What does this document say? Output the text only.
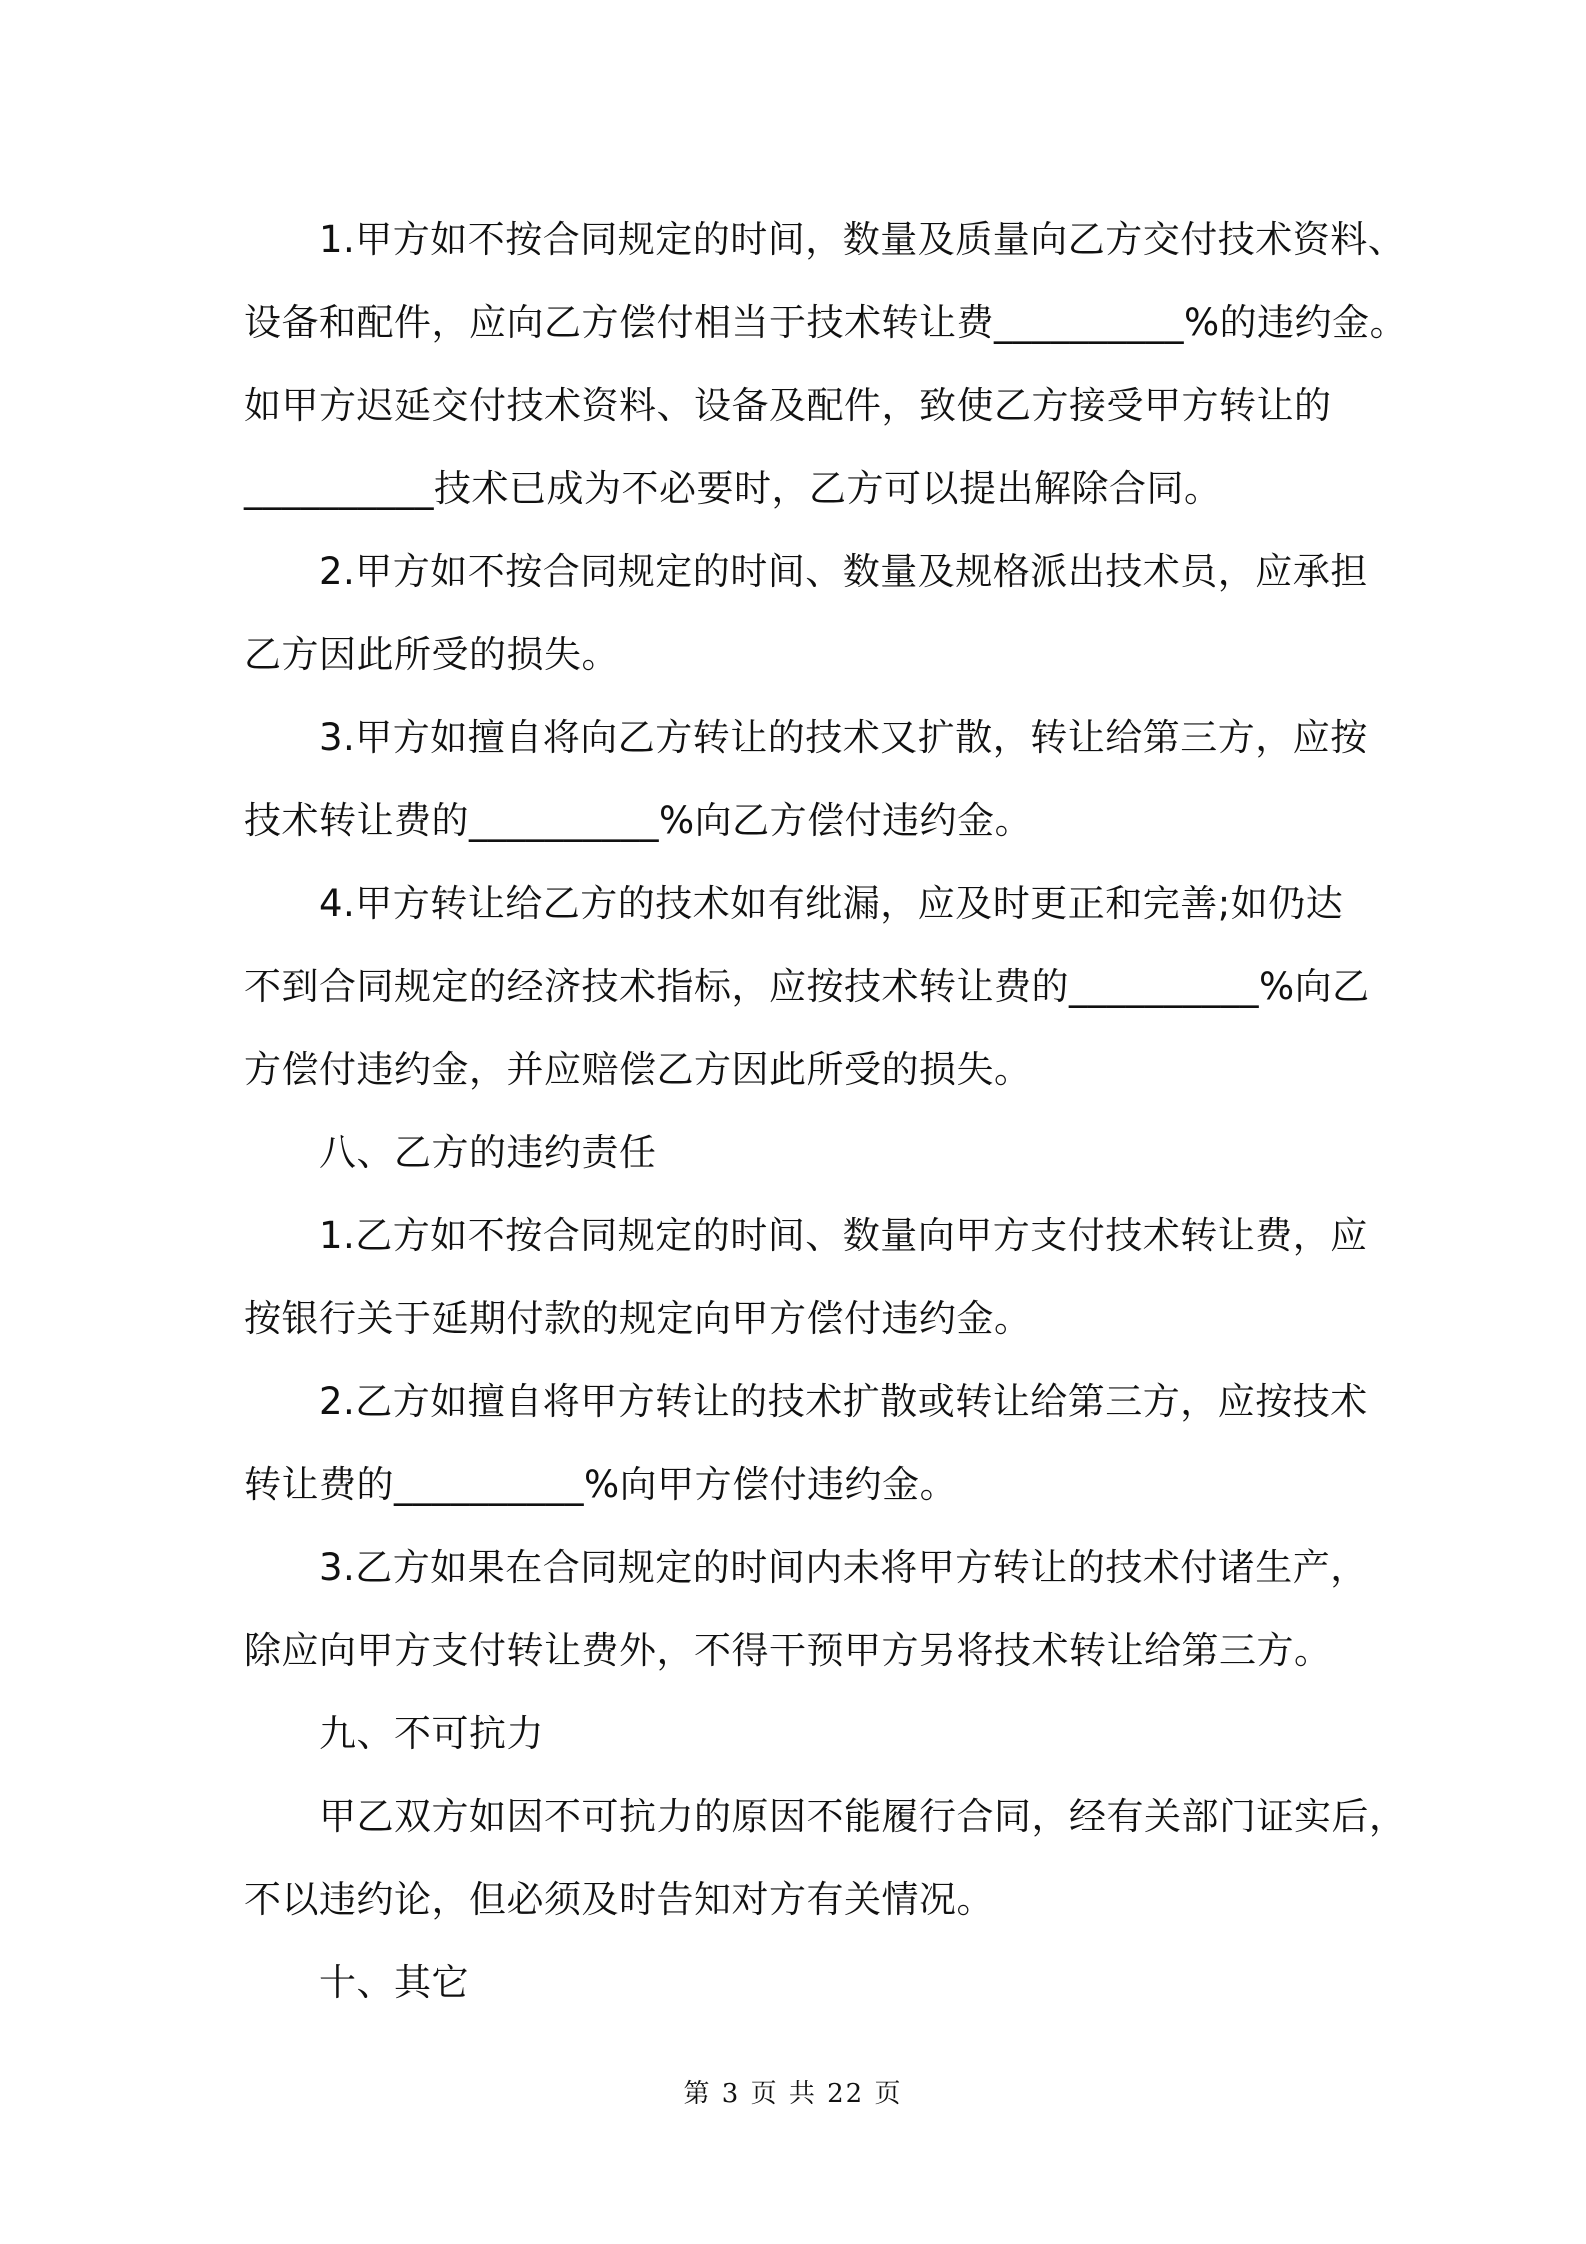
1.甲方如不按合同规定的时间，数量及质量向乙方交付技术资料、
设备和配件，应向乙方偿付相当于技术转让费__________%的违约金。
如甲方迟延交付技术资料、设备及配件，致使乙方接受甲方转让的
__________技术已成为不必要时，乙方可以提出解除合同。
2.甲方如不按合同规定的时间、数量及规格派出技术员，应承担
乙方因此所受的损失。
3.甲方如擅自将向乙方转让的技术又扩散，转让给第三方，应按
技术转让费的__________%向乙方偿付违约金。
4.甲方转让给乙方的技术如有纰漏，应及时更正和完善;如仍达
不到合同规定的经济技术指标，应按技术转让费的__________%向乙
方偿付违约金，并应赔偿乙方因此所受的损失。
八、乙方的违约责任
1.乙方如不按合同规定的时间、数量向甲方支付技术转让费，应
按银行关于延期付款的规定向甲方偿付违约金。
2.乙方如擅自将甲方转让的技术扩散或转让给第三方，应按技术
转让费的__________%向甲方偿付违约金。
3.乙方如果在合同规定的时间内未将甲方转让的技术付诸生产，
除应向甲方支付转让费外，不得干预甲方另将技术转让给第三方。
九、不可抗力
甲乙双方如因不可抗力的原因不能履行合同，经有关部门证实后，
不以违约论，但必须及时告知对方有关情况。
十、其它
第 3 页 共 22 页
